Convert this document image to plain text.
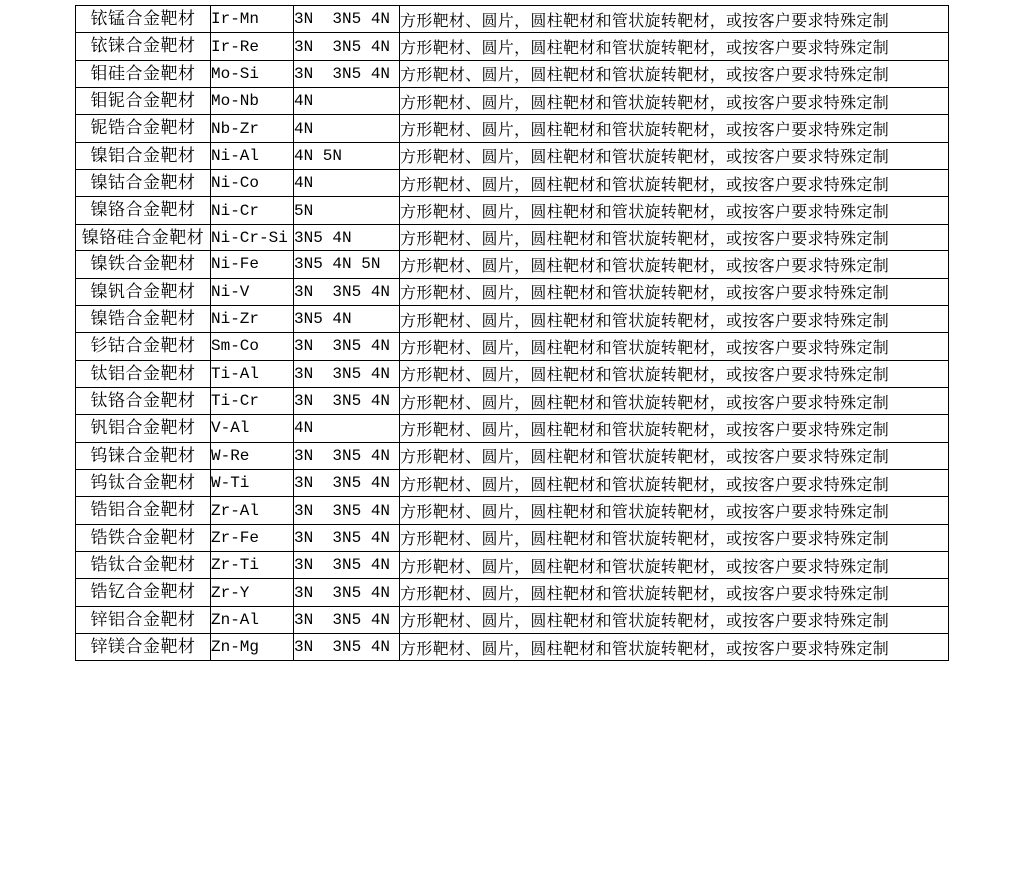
铱锰合金靶材	Ir-Mn	3N  3N5 4N	方形靶材、圆片，圆柱靶材和管状旋转靶材，或按客户要求特殊定制
铱铼合金靶材	Ir-Re	3N  3N5 4N	方形靶材、圆片，圆柱靶材和管状旋转靶材，或按客户要求特殊定制
钼硅合金靶材	Mo-Si	3N  3N5 4N	方形靶材、圆片，圆柱靶材和管状旋转靶材，或按客户要求特殊定制
钼铌合金靶材	Mo-Nb	4N	方形靶材、圆片，圆柱靶材和管状旋转靶材，或按客户要求特殊定制
铌锆合金靶材	Nb-Zr	4N	方形靶材、圆片，圆柱靶材和管状旋转靶材，或按客户要求特殊定制
镍铝合金靶材	Ni-Al	4N 5N	方形靶材、圆片，圆柱靶材和管状旋转靶材，或按客户要求特殊定制
镍钴合金靶材	Ni-Co	4N	方形靶材、圆片，圆柱靶材和管状旋转靶材，或按客户要求特殊定制
镍铬合金靶材	Ni-Cr	5N	方形靶材、圆片，圆柱靶材和管状旋转靶材，或按客户要求特殊定制
镍铬硅合金靶材	Ni-Cr-Si	3N5 4N	方形靶材、圆片，圆柱靶材和管状旋转靶材，或按客户要求特殊定制
镍铁合金靶材	Ni-Fe	3N5 4N 5N	方形靶材、圆片，圆柱靶材和管状旋转靶材，或按客户要求特殊定制
镍钒合金靶材	Ni-V	3N  3N5 4N	方形靶材、圆片，圆柱靶材和管状旋转靶材，或按客户要求特殊定制
镍锆合金靶材	Ni-Zr	3N5 4N	方形靶材、圆片，圆柱靶材和管状旋转靶材，或按客户要求特殊定制
钐钴合金靶材	Sm-Co	3N  3N5 4N	方形靶材、圆片，圆柱靶材和管状旋转靶材，或按客户要求特殊定制
钛铝合金靶材	Ti-Al	3N  3N5 4N	方形靶材、圆片，圆柱靶材和管状旋转靶材，或按客户要求特殊定制
钛铬合金靶材	Ti-Cr	3N  3N5 4N	方形靶材、圆片，圆柱靶材和管状旋转靶材，或按客户要求特殊定制
钒铝合金靶材	V-Al	4N	方形靶材、圆片，圆柱靶材和管状旋转靶材，或按客户要求特殊定制
钨铼合金靶材	W-Re	3N  3N5 4N	方形靶材、圆片，圆柱靶材和管状旋转靶材，或按客户要求特殊定制
钨钛合金靶材	W-Ti	3N  3N5 4N	方形靶材、圆片，圆柱靶材和管状旋转靶材，或按客户要求特殊定制
锆铝合金靶材	Zr-Al	3N  3N5 4N	方形靶材、圆片，圆柱靶材和管状旋转靶材，或按客户要求特殊定制
锆铁合金靶材	Zr-Fe	3N  3N5 4N	方形靶材、圆片，圆柱靶材和管状旋转靶材，或按客户要求特殊定制
锆钛合金靶材	Zr-Ti	3N  3N5 4N	方形靶材、圆片，圆柱靶材和管状旋转靶材，或按客户要求特殊定制
锆钇合金靶材	Zr-Y	3N  3N5 4N	方形靶材、圆片，圆柱靶材和管状旋转靶材，或按客户要求特殊定制
锌铝合金靶材	Zn-Al	3N  3N5 4N	方形靶材、圆片，圆柱靶材和管状旋转靶材，或按客户要求特殊定制
锌镁合金靶材	Zn-Mg	3N  3N5 4N	方形靶材、圆片，圆柱靶材和管状旋转靶材，或按客户要求特殊定制
